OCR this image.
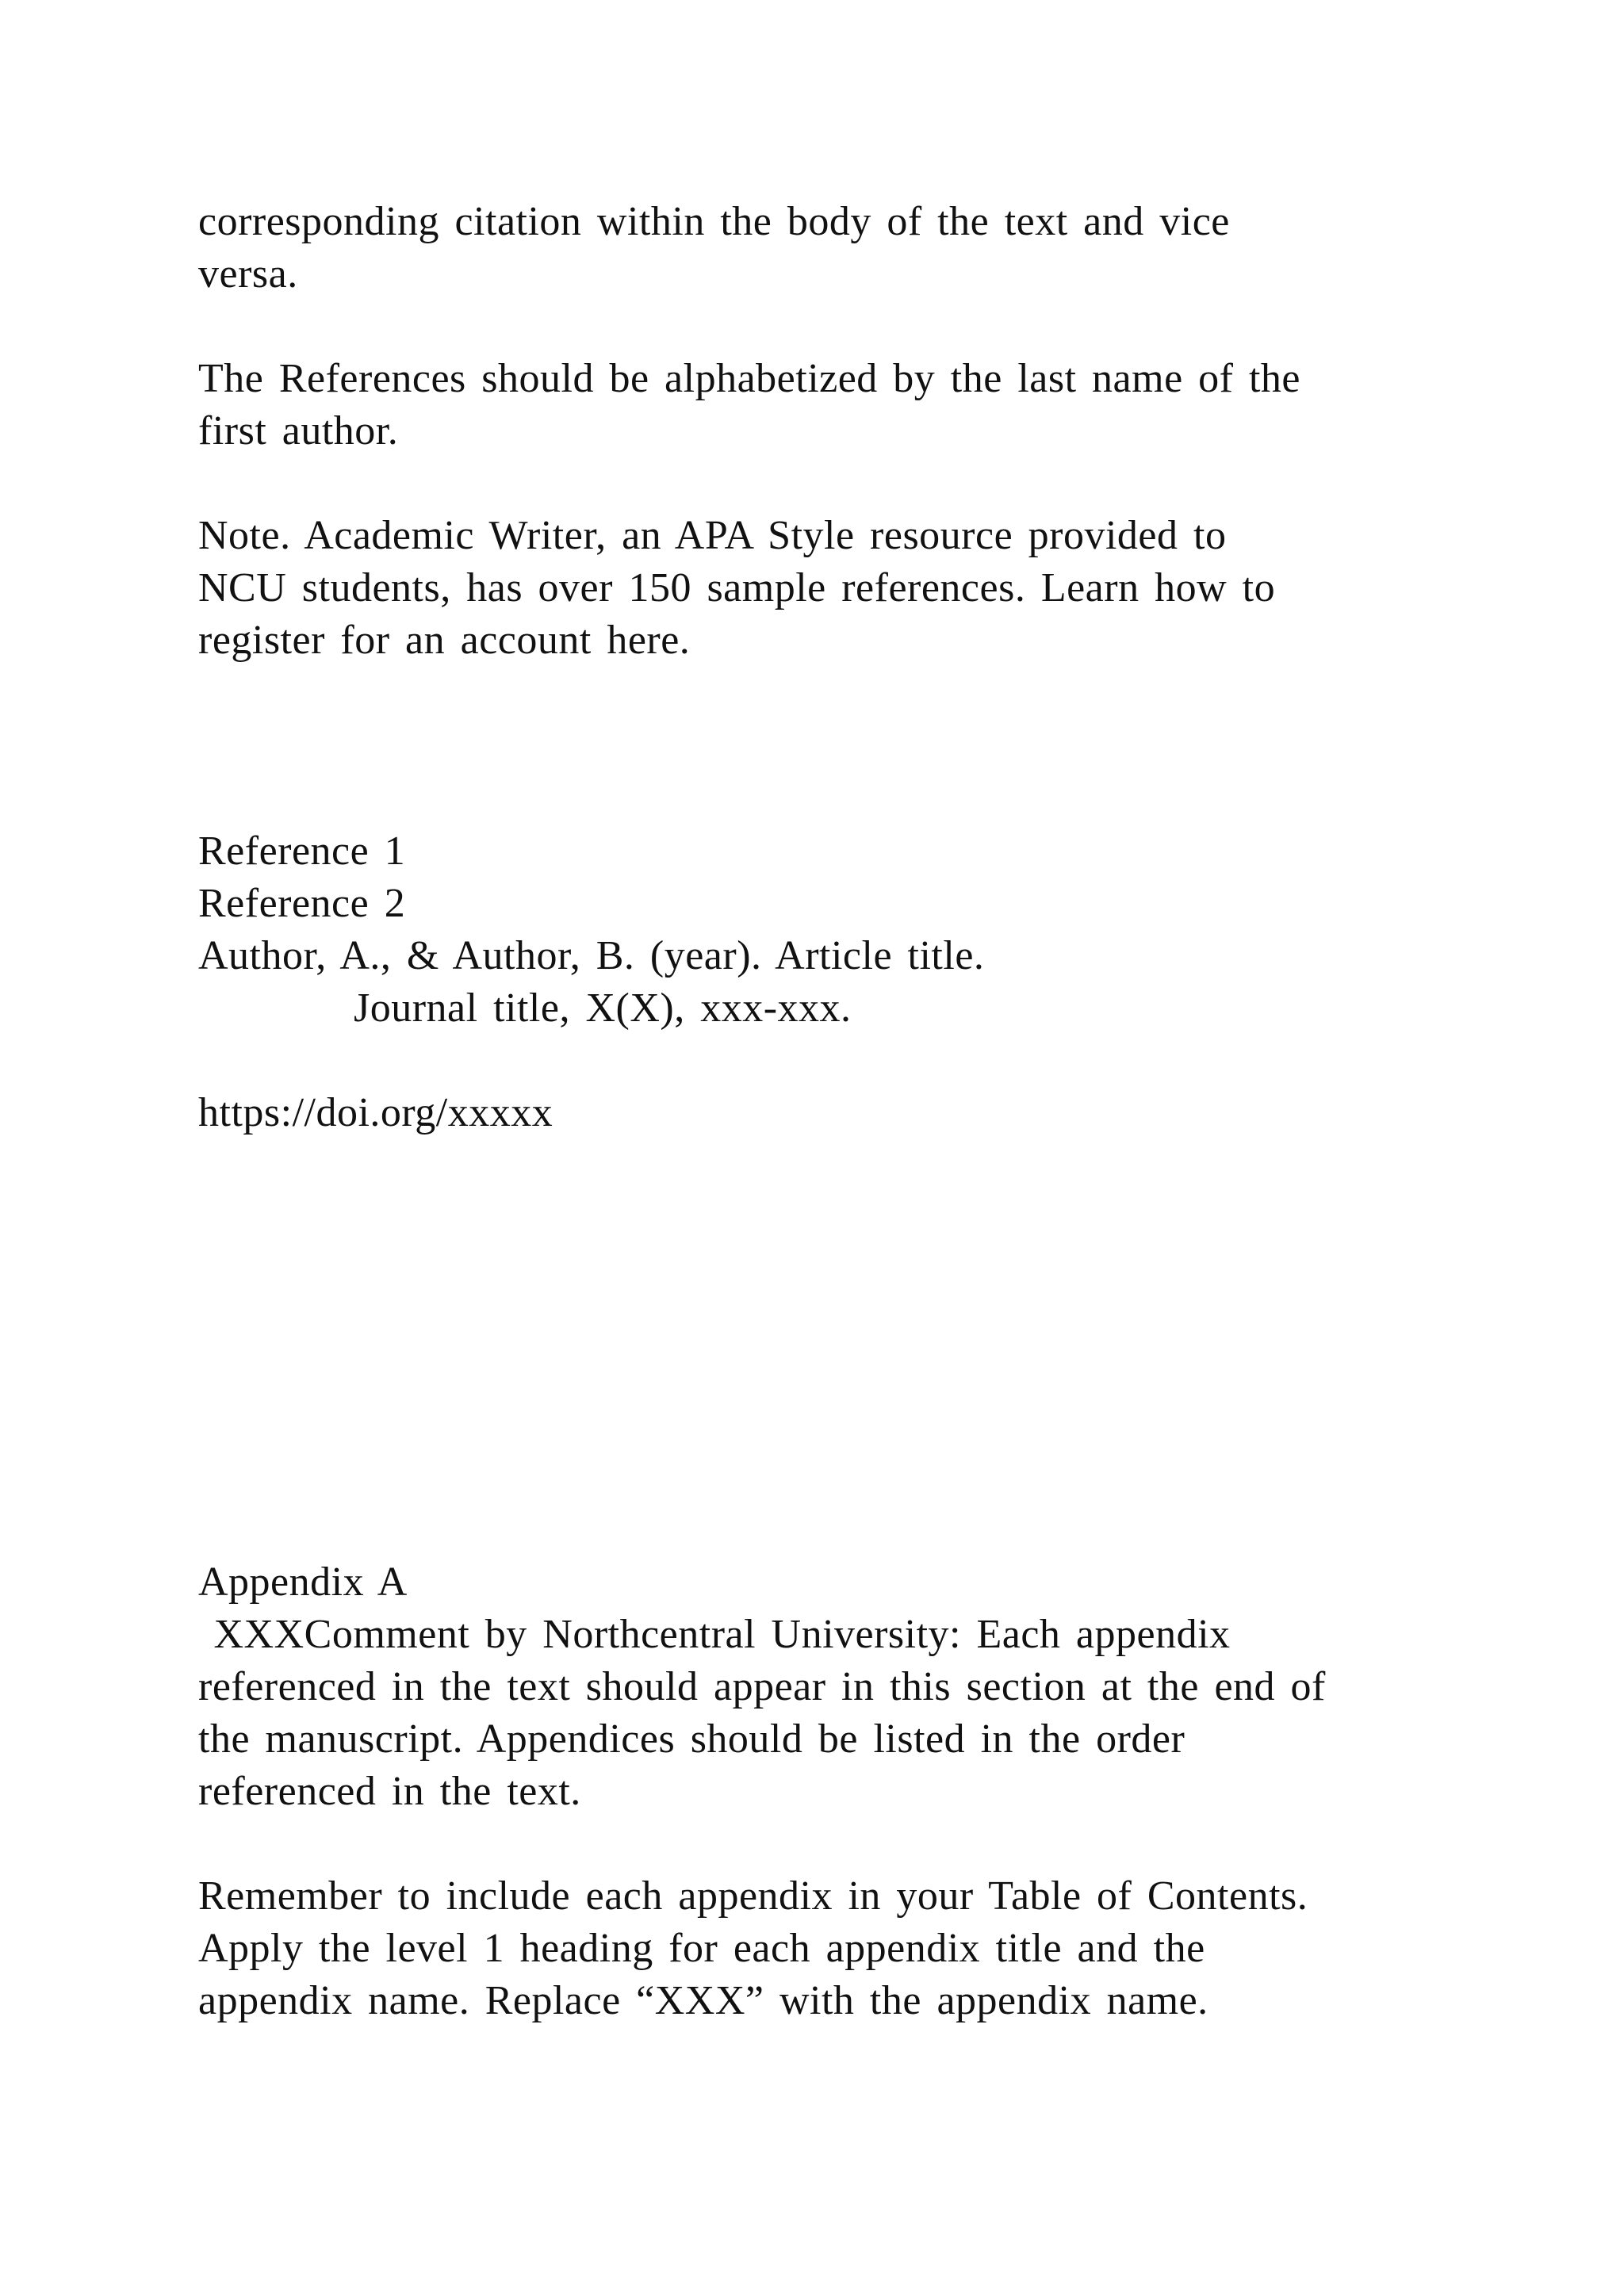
corresponding citation within the body of the text and vice
versa.
The References should be alphabetized by the last name of the
first author.
Note. Academic Writer, an APA Style resource provided to
NCU students, has over 150 sample references. Learn how to
register for an account here.
Reference 1
Reference 2
Author, A., & Author, B. (year). Article title.
Journal title, X(X), xxx-xxx.
https://doi.org/xxxxx
Appendix A
XXXComment by Northcentral University: Each appendix
referenced in the text should appear in this section at the end of
the manuscript. Appendices should be listed in the order
referenced in the text.
Remember to include each appendix in your Table of Contents.
Apply the level 1 heading for each appendix title and the
appendix name. Replace “XXX” with the appendix name.
